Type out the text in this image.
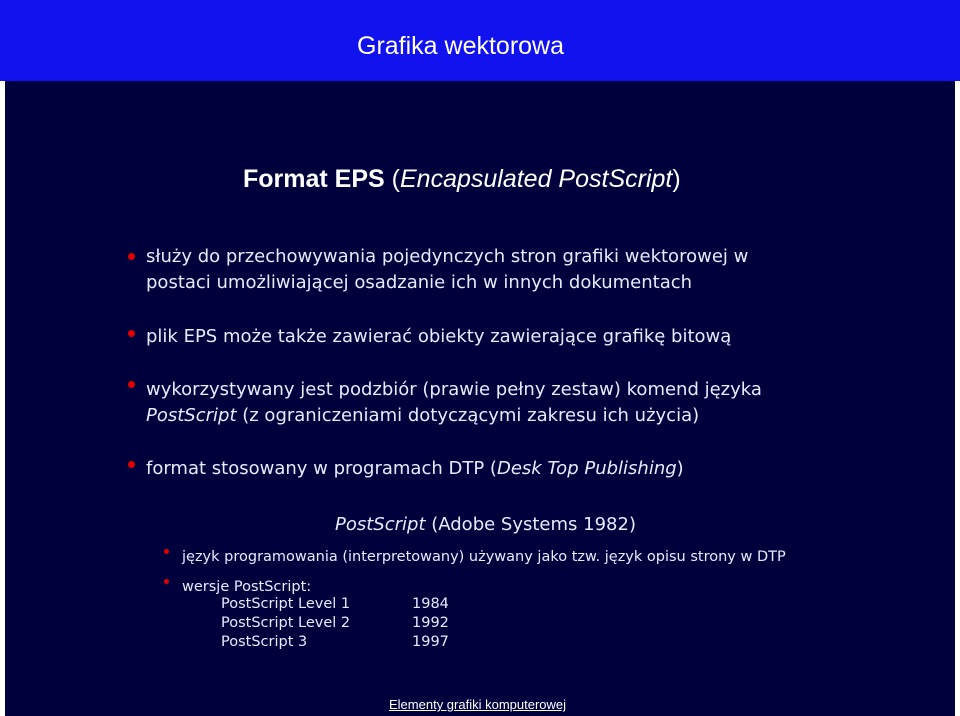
Grafika wektorowa
Format EPS (Encapsulated PostScript)
służy do przechowywania pojedynczych stron grafiki wektorowej w
postaci umożliwiającej osadzanie ich w innych dokumentach
plik EPS może także zawierać obiekty zawierające grafikę bitową
wykorzystywany jest podzbiór (prawie pełny zestaw) komend języka
PostScript (z ograniczeniami dotyczącymi zakresu ich użycia)
format stosowany w programach DTP (Desk Top Publishing)
PostScript (Adobe Systems 1982)
język programowania (interpretowany) używany jako tzw. język opisu strony w DTP
wersje PostScript:
PostScript Level 1	1984
PostScript Level 2	1992
PostScript 3	1997
Elementy grafiki komputerowej
